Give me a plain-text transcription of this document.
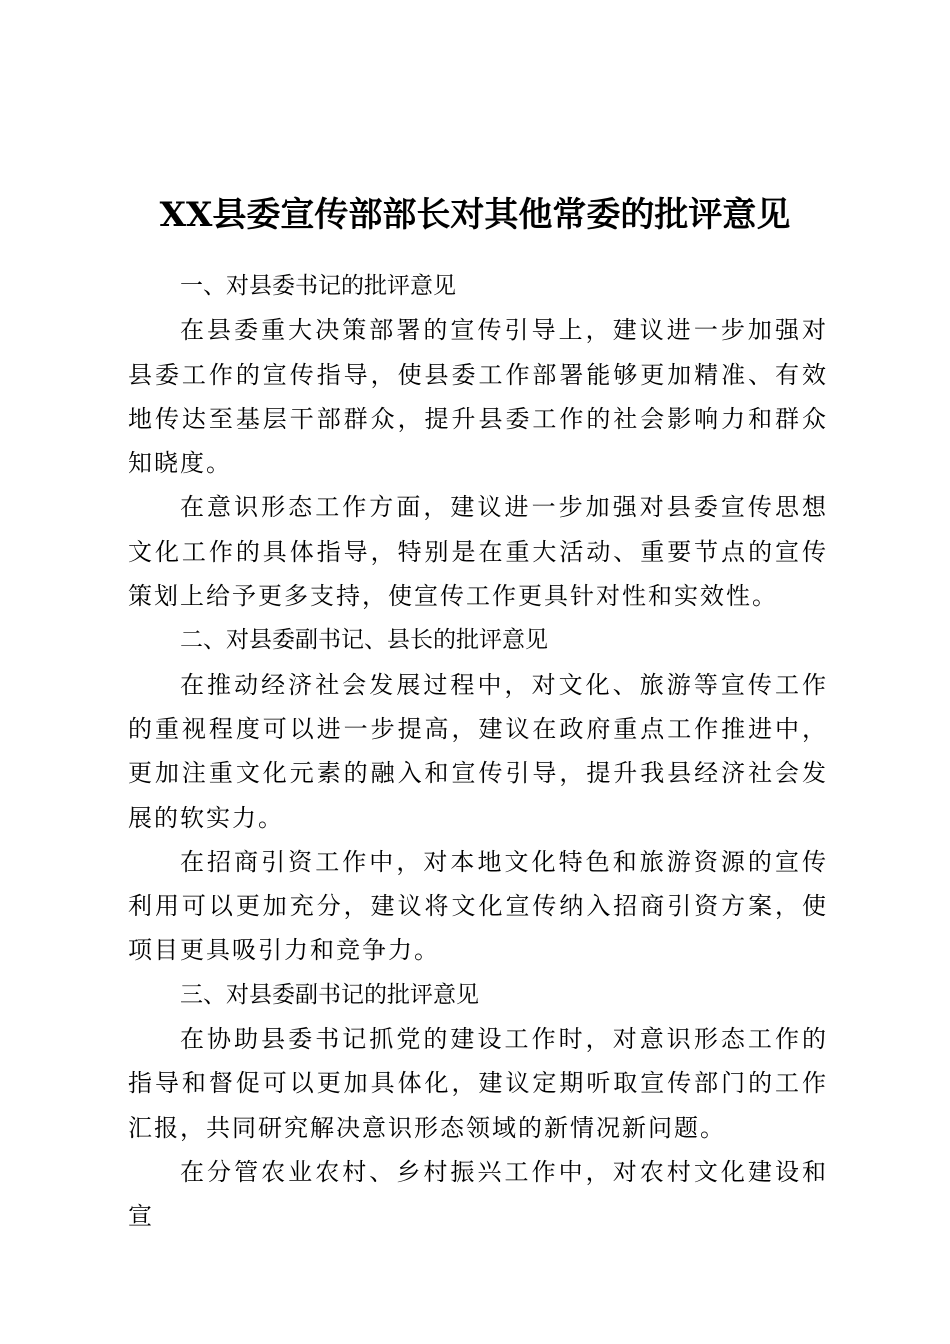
XX县委宣传部部长对其他常委的批评意见

一、对县委书记的批评意见

在县委重大决策部署的宣传引导上，建议进一步加强对县委工作的宣传指导，使县委工作部署能够更加精准、有效地传达至基层干部群众，提升县委工作的社会影响力和群众知晓度。

在意识形态工作方面，建议进一步加强对县委宣传思想文化工作的具体指导，特别是在重大活动、重要节点的宣传策划上给予更多支持，使宣传工作更具针对性和实效性。

二、对县委副书记、县长的批评意见

在推动经济社会发展过程中，对文化、旅游等宣传工作的重视程度可以进一步提高，建议在政府重点工作推进中，更加注重文化元素的融入和宣传引导，提升我县经济社会发展的软实力。

在招商引资工作中，对本地文化特色和旅游资源的宣传利用可以更加充分，建议将文化宣传纳入招商引资方案，使项目更具吸引力和竞争力。

三、对县委副书记的批评意见

在协助县委书记抓党的建设工作时，对意识形态工作的指导和督促可以更加具体化，建议定期听取宣传部门的工作汇报，共同研究解决意识形态领域的新情况新问题。

在分管农业农村、乡村振兴工作中，对农村文化建设和宣
